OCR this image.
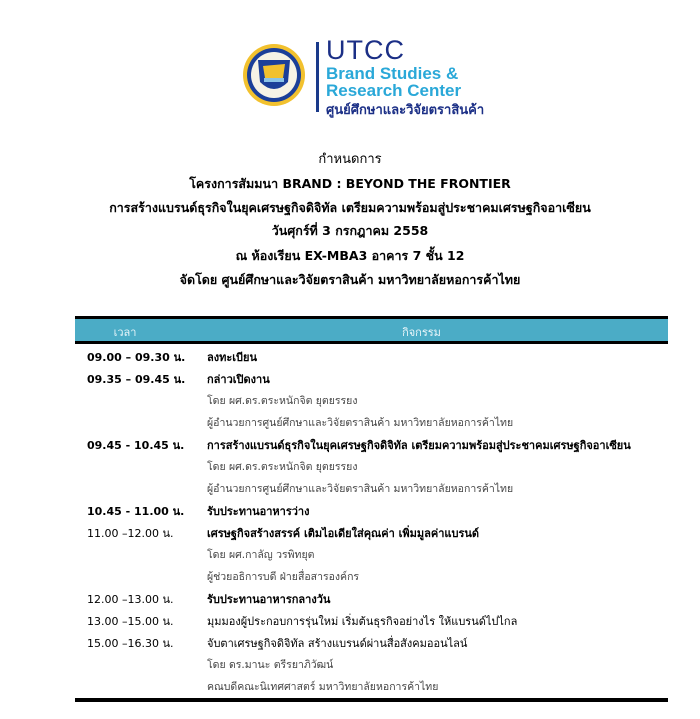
UTCC
Brand Studies &
Research Center
ศูนย์ศึกษาและวิจัยตราสินค้า
กำหนดการ
โครงการสัมมนา BRAND : BEYOND THE FRONTIER
การสร้างแบรนด์ธุรกิจในยุคเศรษฐกิจดิจิทัล เตรียมความพร้อมสู่ประชาคมเศรษฐกิจอาเซียน
วันศุกร์ที่ 3 กรกฎาคม 2558
ณ ห้องเรียน EX-MBA3 อาคาร 7 ชั้น 12
จัดโดย ศูนย์ศึกษาและวิจัยตราสินค้า มหาวิทยาลัยหอการค้าไทย
เวลา	กิจกรรม
09.00 – 09.30 น. ลงทะเบียน
09.35 – 09.45 น. กล่าวเปิดงาน
โดย ผศ.ดร.ตระหนักจิต ยุตยรรยง
ผู้อำนวยการศูนย์ศึกษาและวิจัยตราสินค้า มหาวิทยาลัยหอการค้าไทย
09.45 - 10.45 น. การสร้างแบรนด์ธุรกิจในยุคเศรษฐกิจดิจิทัล เตรียมความพร้อมสู่ประชาคมเศรษฐกิจอาเซียน
โดย ผศ.ดร.ตระหนักจิต ยุตยรรยง
ผู้อำนวยการศูนย์ศึกษาและวิจัยตราสินค้า มหาวิทยาลัยหอการค้าไทย
10.45 - 11.00 น. รับประทานอาหารว่าง
11.00 –12.00 น.	เศรษฐกิจสร้างสรรค์ เติมไอเดียใส่คุณค่า เพิ่มมูลค่าแบรนด์
โดย ผศ.กาลัญ วรพิทยุต
ผู้ช่วยอธิการบดี ฝ่ายสื่อสารองค์กร
12.00 –13.00 น.	รับประทานอาหารกลางวัน
13.00 –15.00 น.	มุมมองผู้ประกอบการรุ่นใหม่ เริ่มต้นธุรกิจอย่างไร ให้แบรนด์ไปไกล
15.00 –16.30 น.	จับตาเศรษฐกิจดิจิทัล สร้างแบรนด์ผ่านสื่อสังคมออนไลน์
โดย ดร.มานะ ตรีรยาภิวัฒน์
คณบดีคณะนิเทศศาสตร์ มหาวิทยาลัยหอการค้าไทย
